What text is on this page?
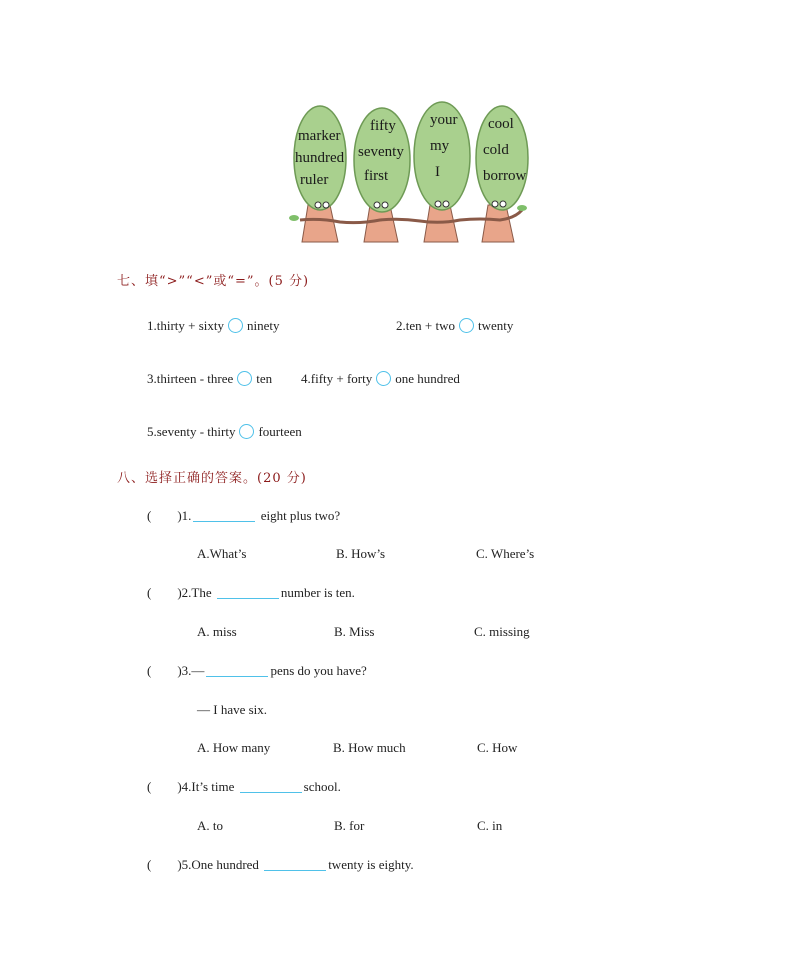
marker
hundred
ruler
fifty
seventy
first
your
my
I
cool
cold
borrow
七、填“>”“<”或“=”。(5 分)
1.thirty + sixty ninety	2.ten + two twenty
3.thirteen - three ten 4.fifty + forty one hundred
5.seventy - thirty fourteen
八、选择正确的答案。(20 分)
( )1.	eight plus two?
A.What’s	B. How’s	C. Where’s
( )2.The	number is ten.
A. miss	B. Miss	C. missing
( )3.—	pens do you have?
— I have six.
A. How many	B. How much	C. How
( )4.It’s time	school.
A. to	B. for	C. in
( )5.One hundred	twenty is eighty.
